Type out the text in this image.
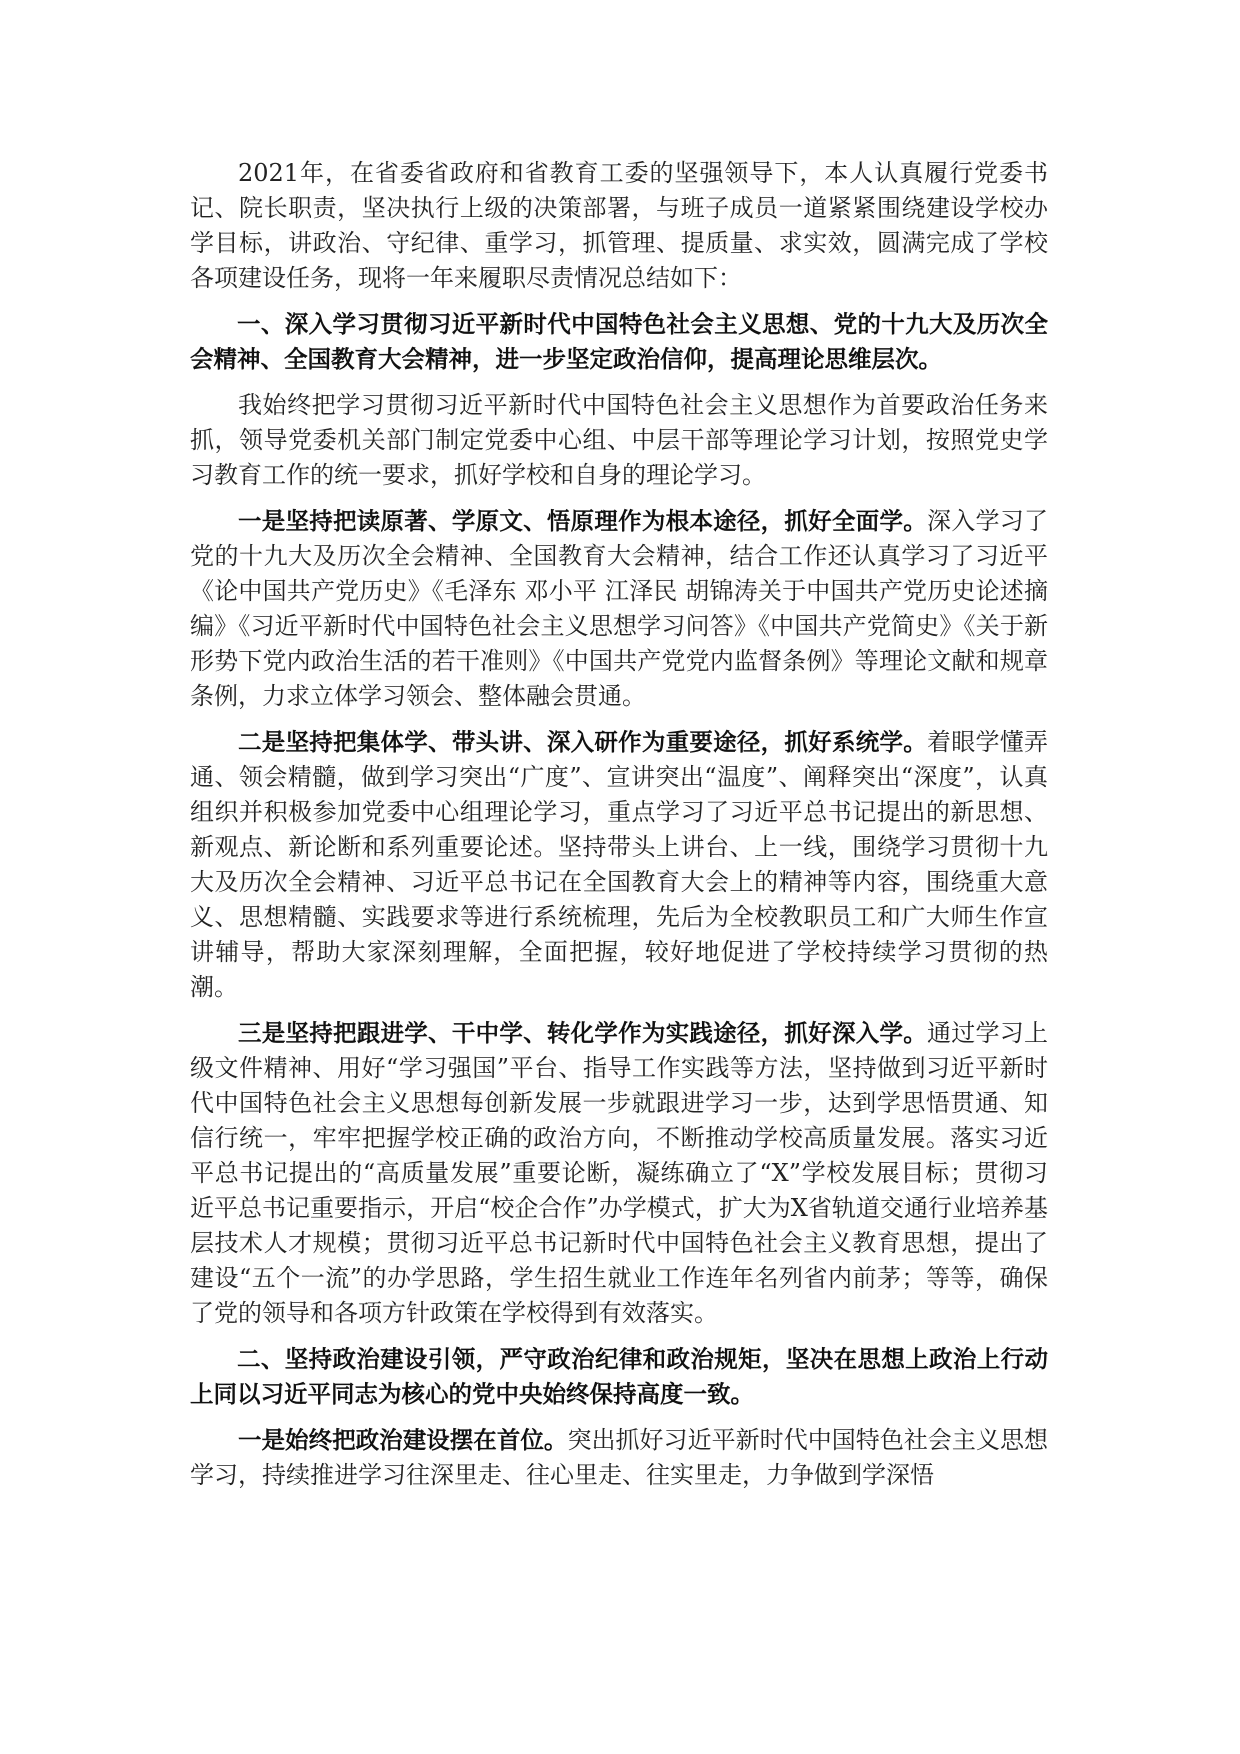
2021年，在省委省政府和省教育工委的坚强领导下，本人认真履行党委书记、院长职责，坚决执行上级的决策部署，与班子成员一道紧紧围绕建设学校办学目标，讲政治、守纪律、重学习，抓管理、提质量、求实效，圆满完成了学校各项建设任务，现将一年来履职尽责情况总结如下：

一、深入学习贯彻习近平新时代中国特色社会主义思想、党的十九大及历次全会精神、全国教育大会精神，进一步坚定政治信仰，提高理论思维层次。

我始终把学习贯彻习近平新时代中国特色社会主义思想作为首要政治任务来抓，领导党委机关部门制定党委中心组、中层干部等理论学习计划，按照党史学习教育工作的统一要求，抓好学校和自身的理论学习。

一是坚持把读原著、学原文、悟原理作为根本途径，抓好全面学。深入学习了党的十九大及历次全会精神、全国教育大会精神，结合工作还认真学习了习近平《论中国共产党历史》《毛泽东 邓小平 江泽民 胡锦涛关于中国共产党历史论述摘编》《习近平新时代中国特色社会主义思想学习问答》《中国共产党简史》《关于新形势下党内政治生活的若干准则》《中国共产党党内监督条例》等理论文献和规章条例，力求立体学习领会、整体融会贯通。

二是坚持把集体学、带头讲、深入研作为重要途径，抓好系统学。着眼学懂弄通、领会精髓，做到学习突出“广度”、宣讲突出“温度”、阐释突出“深度”，认真组织并积极参加党委中心组理论学习，重点学习了习近平总书记提出的新思想、新观点、新论断和系列重要论述。坚持带头上讲台、上一线，围绕学习贯彻十九大及历次全会精神、习近平总书记在全国教育大会上的精神等内容，围绕重大意义、思想精髓、实践要求等进行系统梳理，先后为全校教职员工和广大师生作宣讲辅导，帮助大家深刻理解，全面把握，较好地促进了学校持续学习贯彻的热潮。

三是坚持把跟进学、干中学、转化学作为实践途径，抓好深入学。通过学习上级文件精神、用好“学习强国”平台、指导工作实践等方法，坚持做到习近平新时代中国特色社会主义思想每创新发展一步就跟进学习一步，达到学思悟贯通、知信行统一，牢牢把握学校正确的政治方向，不断推动学校高质量发展。落实习近平总书记提出的“高质量发展”重要论断，凝练确立了“X”学校发展目标；贯彻习近平总书记重要指示，开启“校企合作”办学模式，扩大为X省轨道交通行业培养基层技术人才规模；贯彻习近平总书记新时代中国特色社会主义教育思想，提出了建设“五个一流”的办学思路，学生招生就业工作连年名列省内前茅；等等，确保了党的领导和各项方针政策在学校得到有效落实。

二、坚持政治建设引领，严守政治纪律和政治规矩，坚决在思想上政治上行动上同以习近平同志为核心的党中央始终保持高度一致。

一是始终把政治建设摆在首位。突出抓好习近平新时代中国特色社会主义思想学习，持续推进学习往深里走、往心里走、往实里走，力争做到学深悟
